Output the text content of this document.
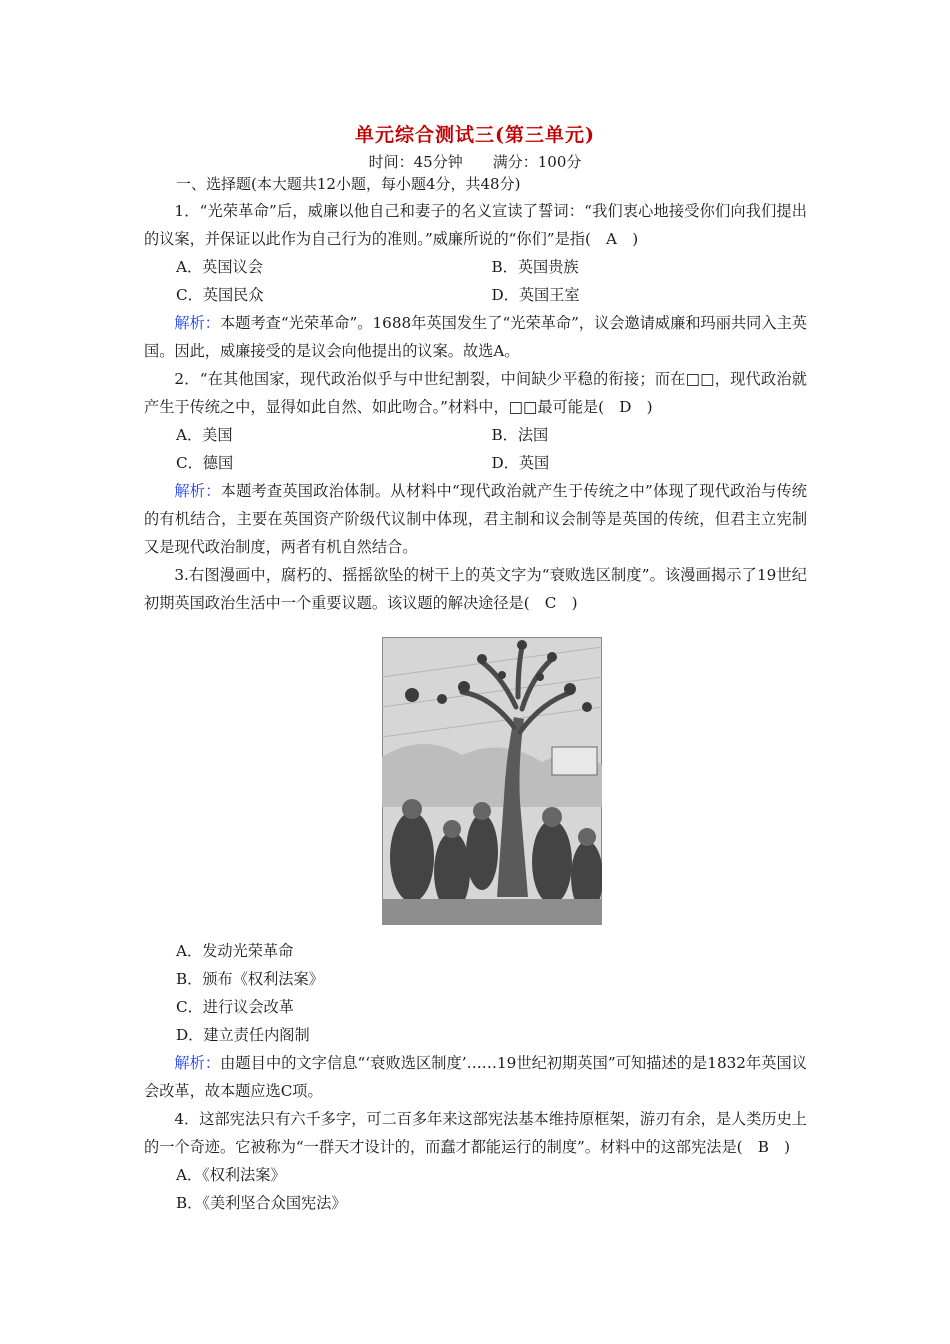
单元综合测试三(第三单元)
时间：45分钟　　满分：100分
一、选择题(本大题共12小题，每小题4分，共48分)

1．“光荣革命”后，威廉以他自己和妻子的名义宣读了誓词：“我们衷心地接受你们向我们提出的议案，并保证以此作为自己行为的准则。”威廉所说的“你们”是指(　A　)

A．英国议会	B．英国贵族
C．英国民众	D．英国王室

解析：本题考查“光荣革命”。1688年英国发生了“光荣革命”，议会邀请威廉和玛丽共同入主英国。因此，威廉接受的是议会向他提出的议案。故选A。

2．“在其他国家，现代政治似乎与中世纪割裂，中间缺少平稳的衔接；而在□□，现代政治就产生于传统之中，显得如此自然、如此吻合。”材料中，□□最可能是(　D　)

A．美国	B．法国
C．德国	D．英国

解析：本题考查英国政治体制。从材料中“现代政治就产生于传统之中”体现了现代政治与传统的有机结合，主要在英国资产阶级代议制中体现，君主制和议会制等是英国的传统，但君主立宪制又是现代政治制度，两者有机自然结合。

3.右图漫画中，腐朽的、摇摇欲坠的树干上的英文字为“衰败选区制度”。该漫画揭示了19世纪初期英国政治生活中一个重要议题。该议题的解决途径是(　C　)

A．发动光荣革命
B．颁布《权利法案》
C．进行议会改革
D．建立责任内阁制

解析：由题目中的文字信息“‘衰败选区制度’……19世纪初期英国”可知描述的是1832年英国议会改革，故本题应选C项。

4．这部宪法只有六千多字，可二百多年来这部宪法基本维持原框架，游刃有余，是人类历史上的一个奇迹。它被称为“一群天才设计的，而蠢才都能运行的制度”。材料中的这部宪法是(　B　)

A．《权利法案》
B．《美利坚合众国宪法》
